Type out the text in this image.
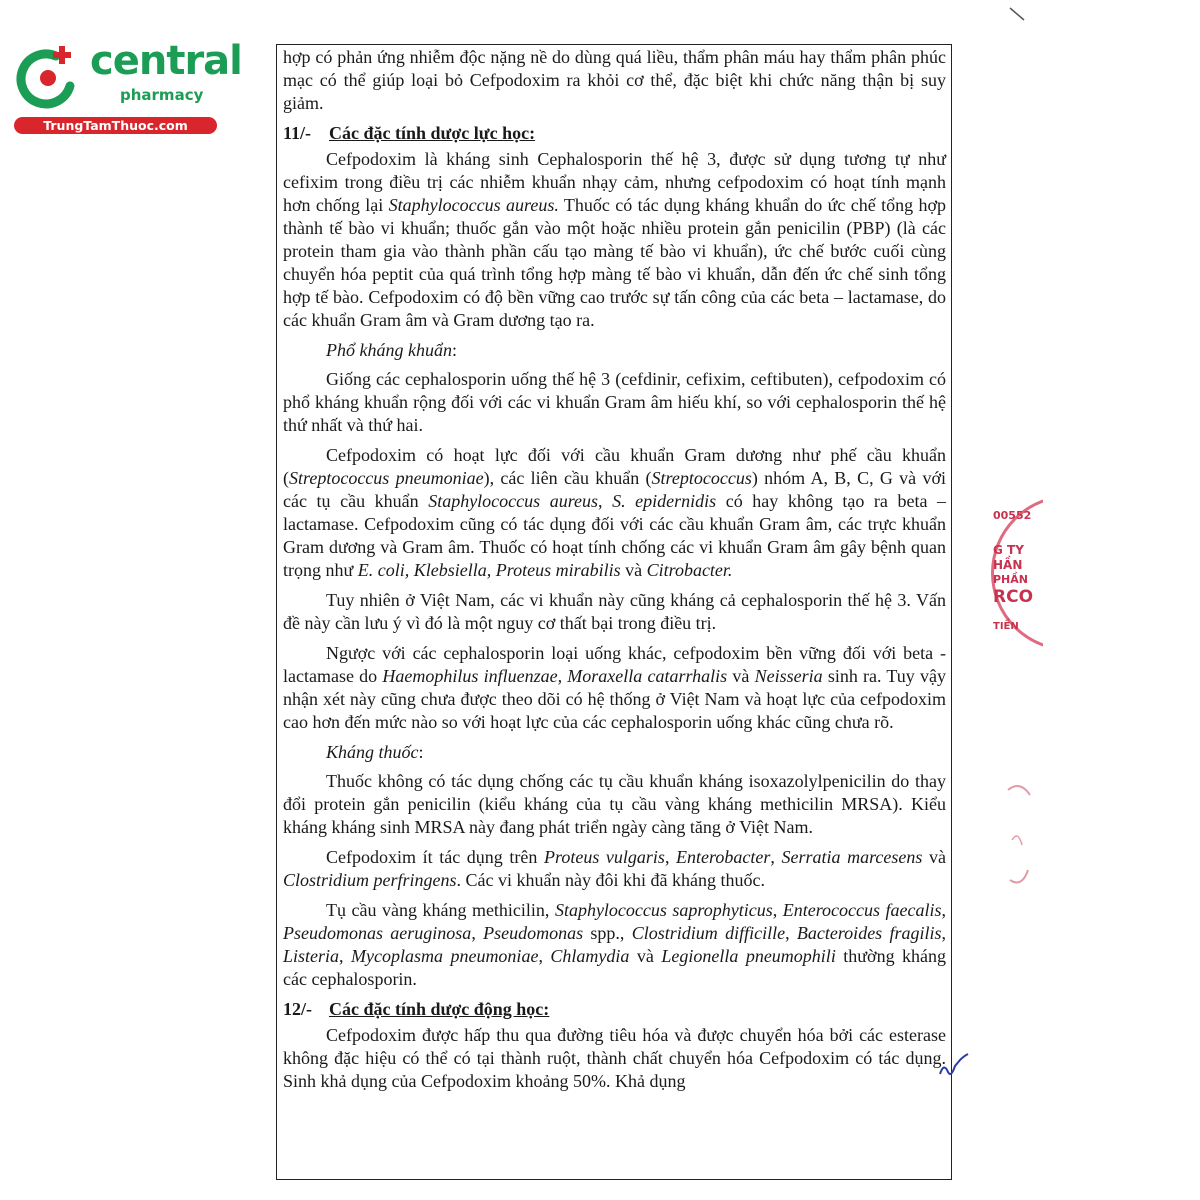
central
pharmacy
TrungTamThuoc.com

hợp có phản ứng nhiễm độc nặng nề do dùng quá liều, thẩm phân máu hay thẩm phân phúc mạc có thể giúp loại bỏ Cefpodoxim ra khỏi cơ thể, đặc biệt khi chức năng thận bị suy giảm.

11/- Các đặc tính dược lực học:

Cefpodoxim là kháng sinh Cephalosporin thế hệ 3, được sử dụng tương tự như cefixim trong điều trị các nhiễm khuẩn nhạy cảm, nhưng cefpodoxim có hoạt tính mạnh hơn chống lại Staphylococcus aureus. Thuốc có tác dụng kháng khuẩn do ức chế tổng hợp thành tế bào vi khuẩn; thuốc gắn vào một hoặc nhiều protein gắn penicilin (PBP) (là các protein tham gia vào thành phần cấu tạo màng tế bào vi khuẩn), ức chế bước cuối cùng chuyển hóa peptit của quá trình tổng hợp màng tế bào vi khuẩn, dẫn đến ức chế sinh tổng hợp tế bào. Cefpodoxim có độ bền vững cao trước sự tấn công của các beta – lactamase, do các khuẩn Gram âm và Gram dương tạo ra.

Phổ kháng khuẩn:

Giống các cephalosporin uống thế hệ 3 (cefdinir, cefixim, ceftibuten), cefpodoxim có phổ kháng khuẩn rộng đối với các vi khuẩn Gram âm hiếu khí, so với cephalosporin thế hệ thứ nhất và thứ hai.

Cefpodoxim có hoạt lực đối với cầu khuẩn Gram dương như phế cầu khuẩn (Streptococcus pneumoniae), các liên cầu khuẩn (Streptococcus) nhóm A, B, C, G và với các tụ cầu khuẩn Staphylococcus aureus, S. epidernidis có hay không tạo ra beta – lactamase. Cefpodoxim cũng có tác dụng đối với các cầu khuẩn Gram âm, các trực khuẩn Gram dương và Gram âm. Thuốc có hoạt tính chống các vi khuẩn Gram âm gây bệnh quan trọng như E. coli, Klebsiella, Proteus mirabilis và Citrobacter.

Tuy nhiên ở Việt Nam, các vi khuẩn này cũng kháng cả cephalosporin thế hệ 3. Vấn đề này cần lưu ý vì đó là một nguy cơ thất bại trong điều trị.

Ngược với các cephalosporin loại uống khác, cefpodoxim bền vững đối với beta - lactamase do Haemophilus influenzae, Moraxella catarrhalis và Neisseria sinh ra. Tuy vậy nhận xét này cũng chưa được theo dõi có hệ thống ở Việt Nam và hoạt lực của cefpodoxim cao hơn đến mức nào so với hoạt lực của các cephalosporin uống khác cũng chưa rõ.

Kháng thuốc:

Thuốc không có tác dụng chống các tụ cầu khuẩn kháng isoxazolylpenicilin do thay đổi protein gắn penicilin (kiểu kháng của tụ cầu vàng kháng methicilin MRSA). Kiểu kháng kháng sinh MRSA này đang phát triển ngày càng tăng ở Việt Nam.

Cefpodoxim ít tác dụng trên Proteus vulgaris, Enterobacter, Serratia marcesens và Clostridium perfringens. Các vi khuẩn này đôi khi đã kháng thuốc.

Tụ cầu vàng kháng methicilin, Staphylococcus saprophyticus, Enterococcus faecalis, Pseudomonas aeruginosa, Pseudomonas spp., Clostridium difficille, Bacteroides fragilis, Listeria, Mycoplasma pneumoniae, Chlamydia và Legionella pneumophili thường kháng các cephalosporin.

12/- Các đặc tính dược động học:

Cefpodoxim được hấp thu qua đường tiêu hóa và được chuyển hóa bởi các esterase không đặc hiệu có thể có tại thành ruột, thành chất chuyển hóa Cefpodoxim có tác dụng. Sinh khả dụng của Cefpodoxim khoảng 50%. Khả dụng

00552
G TY
HẦN
PHẦN
RCO
TIỀN
